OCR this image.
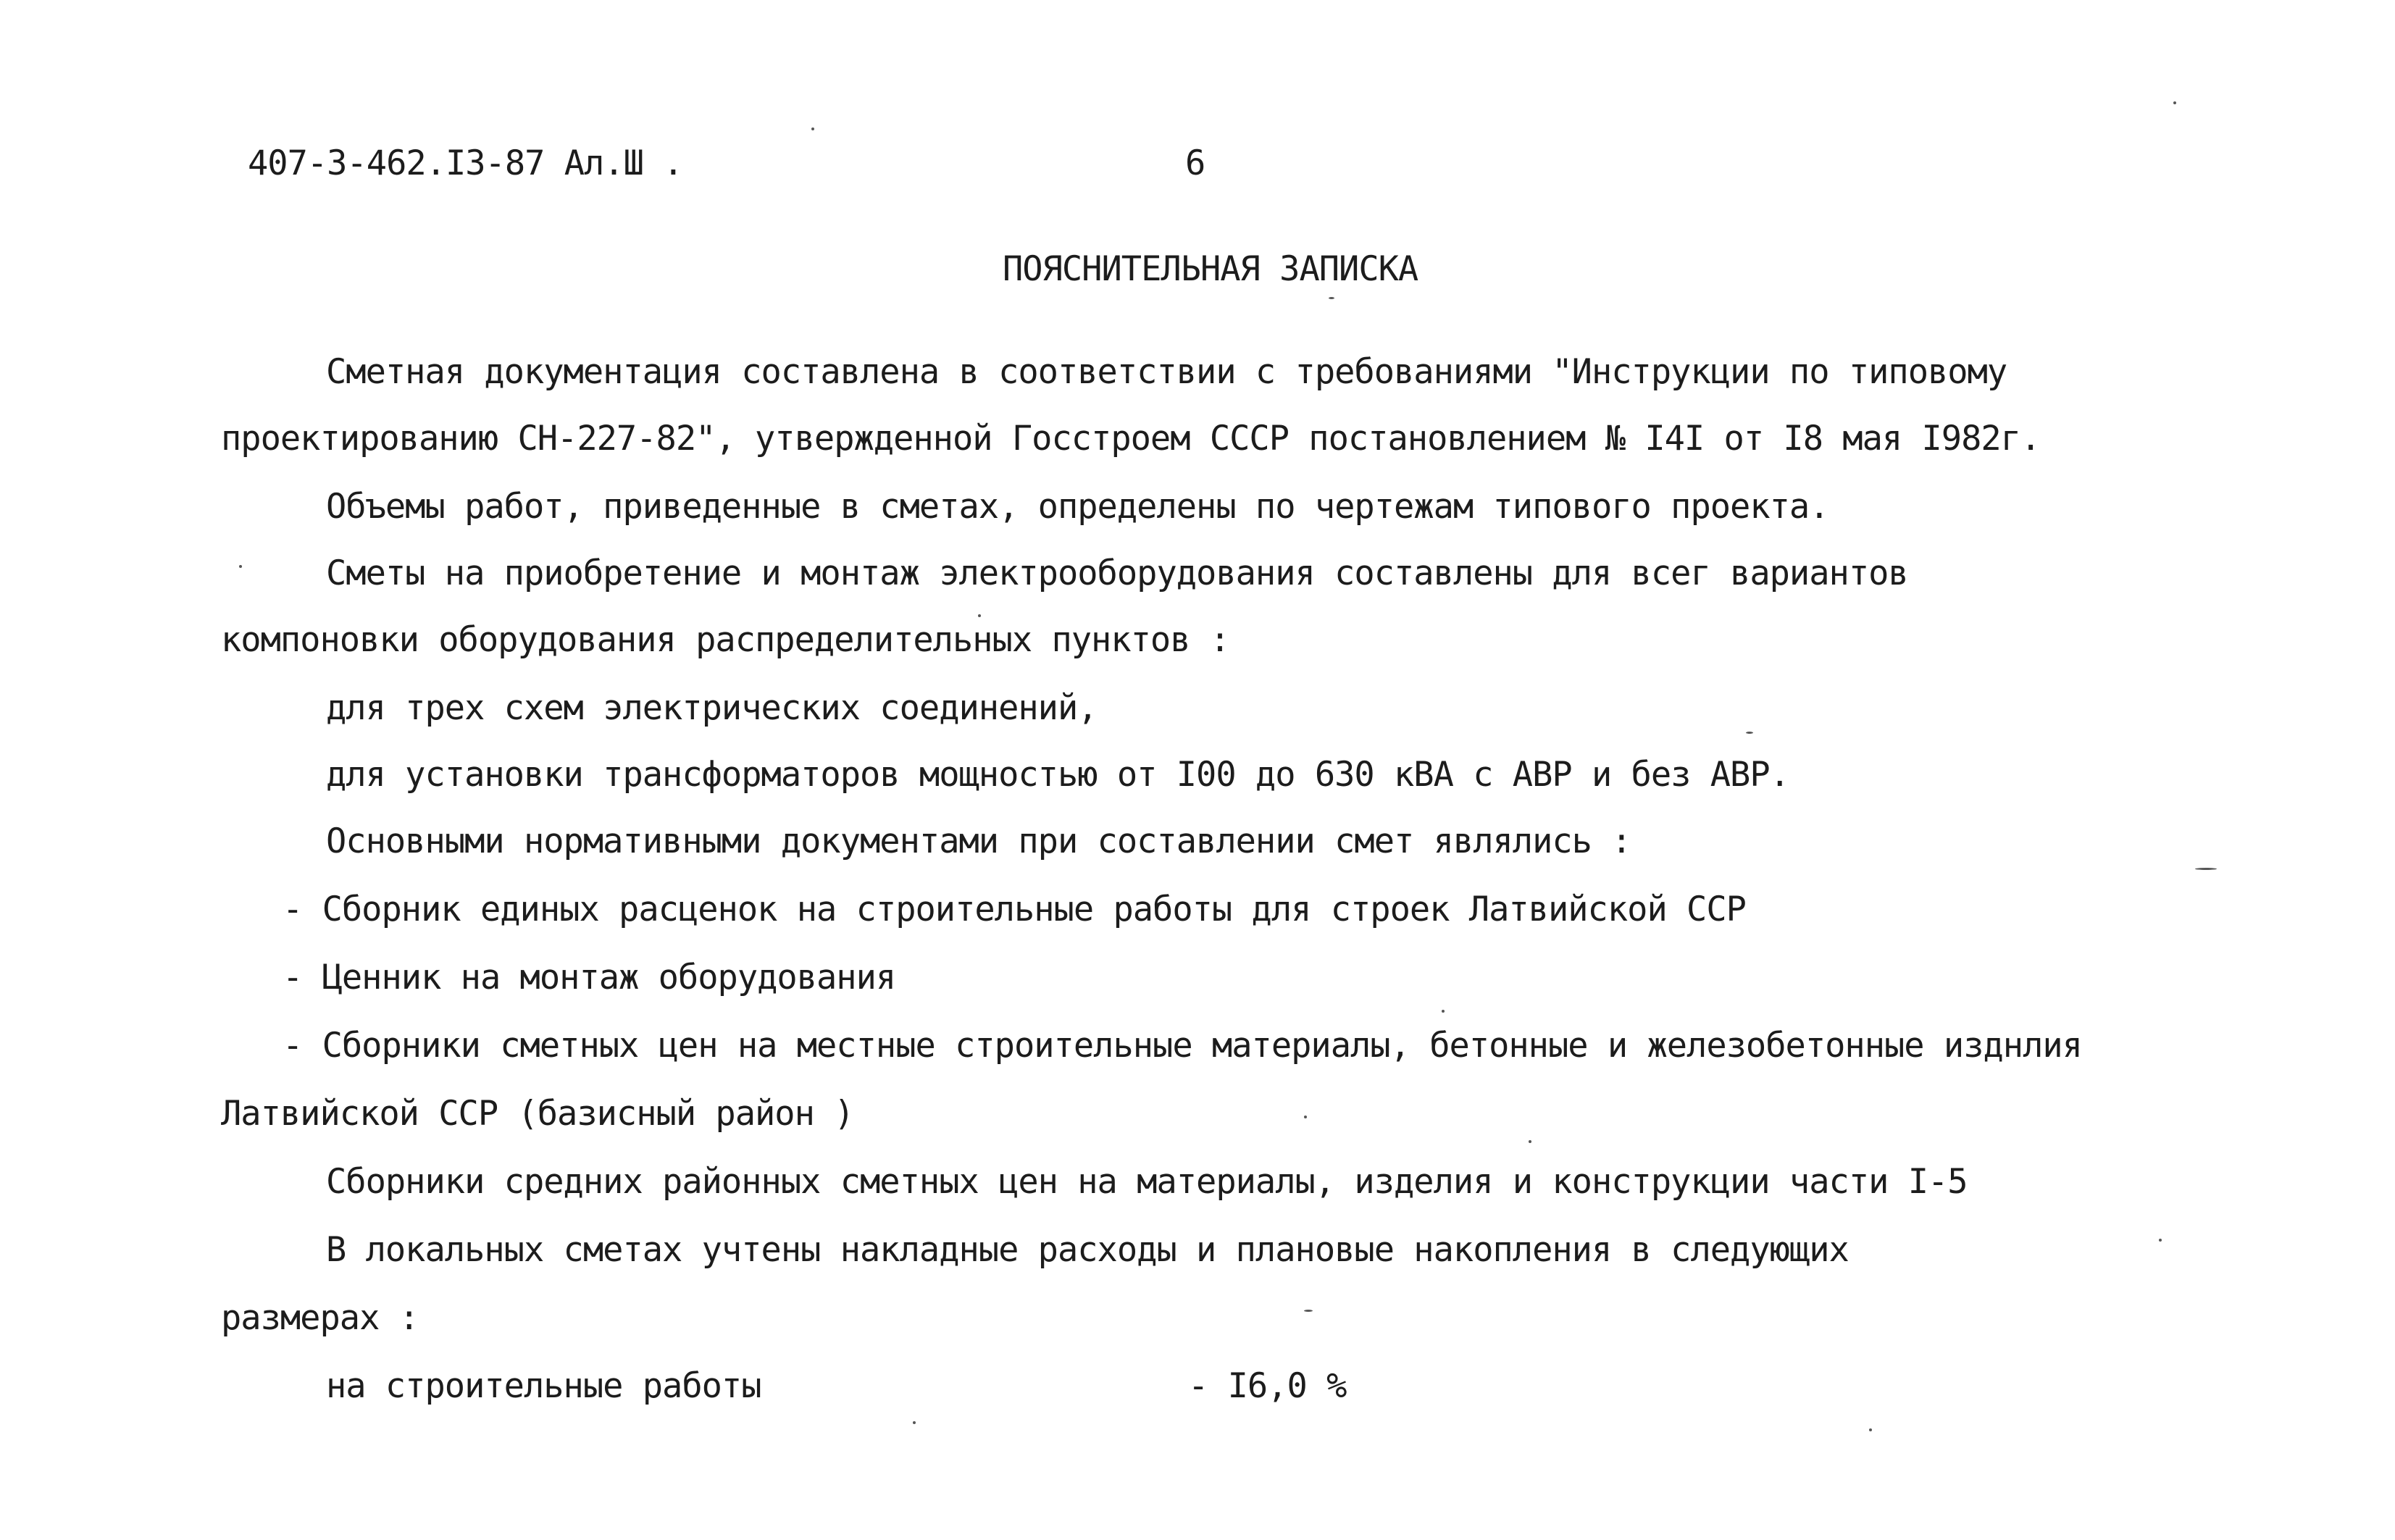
407-3-462.I3-87 Ал.Ш .	6
ПОЯСНИТЕЛЬНАЯ ЗАПИСКА
Сметная документация составлена в соответствии с требованиями "Инструкции по типовому
проектированию СН-227-82", утвержденной Госстроем СССР постановлением № I4I от I8 мая I982г.
Объемы работ, приведенные в сметах, определены по чертежам типового проекта.
Сметы на приобретение и монтаж электрооборудования составлены для всег вариантов
компоновки оборудования распределительных пунктов :
для трех схем электрических соединений,
для установки трансформаторов мощностью от I00 до 630 кВА с АВР и без АВР.
Основными нормативными документами при составлении смет являлись :
- Сборник единых расценок на строительные работы для строек Латвийской ССР
- Ценник на монтаж оборудования
- Сборники сметных цен на местные строительные материалы, бетонные и железобетонные изднлия
Латвийской ССР (базисный район )
Сборники средних районных сметных цен на материалы, изделия и конструкции части I-5
В локальных сметах учтены накладные расходы и плановые накопления в следующих
размерах :
на строительные работы	- I6,0 %
